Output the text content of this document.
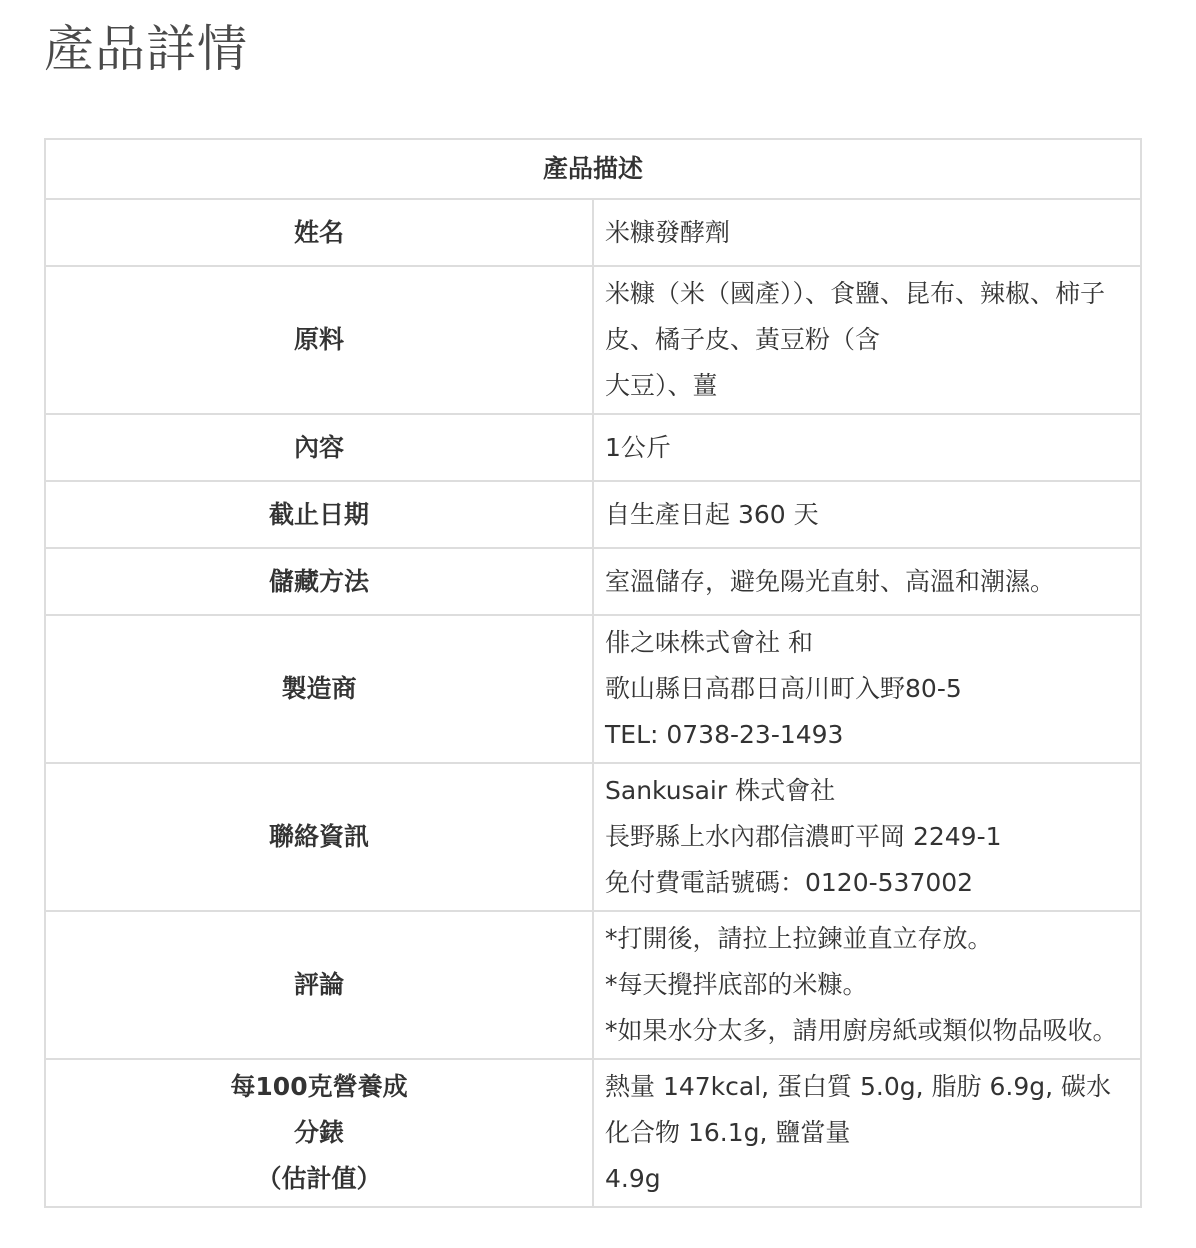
產品詳情
產品描述	

姓名	米糠發酵劑

原料	米糠（米（國產））、食鹽、昆布、辣椒、柿子皮、橘子皮、黃豆粉（含
大豆）、薑

內容	1公斤

截止日期	自生產日起 360 天

儲藏方法	室溫儲存，避免陽光直射、高溫和潮濕。

製造商	俳之味株式會社 和
歌山縣日高郡日高川町入野80-5
TEL: 0738-23-1493

聯絡資訊	Sankusair 株式會社
長野縣上水內郡信濃町平岡 2249-1
免付費電話號碼：0120-537002

評論	*打開後，請拉上拉鍊並直立存放。
*每天攪拌底部的米糠。
*如果水分太多，請用廚房紙或類似物品吸收。

每100克營養成
分錶
（估計值）	熱量 147kcal, 蛋白質 5.0g, 脂肪 6.9g, 碳水化合物 16.1g, 鹽當量
4.9g
